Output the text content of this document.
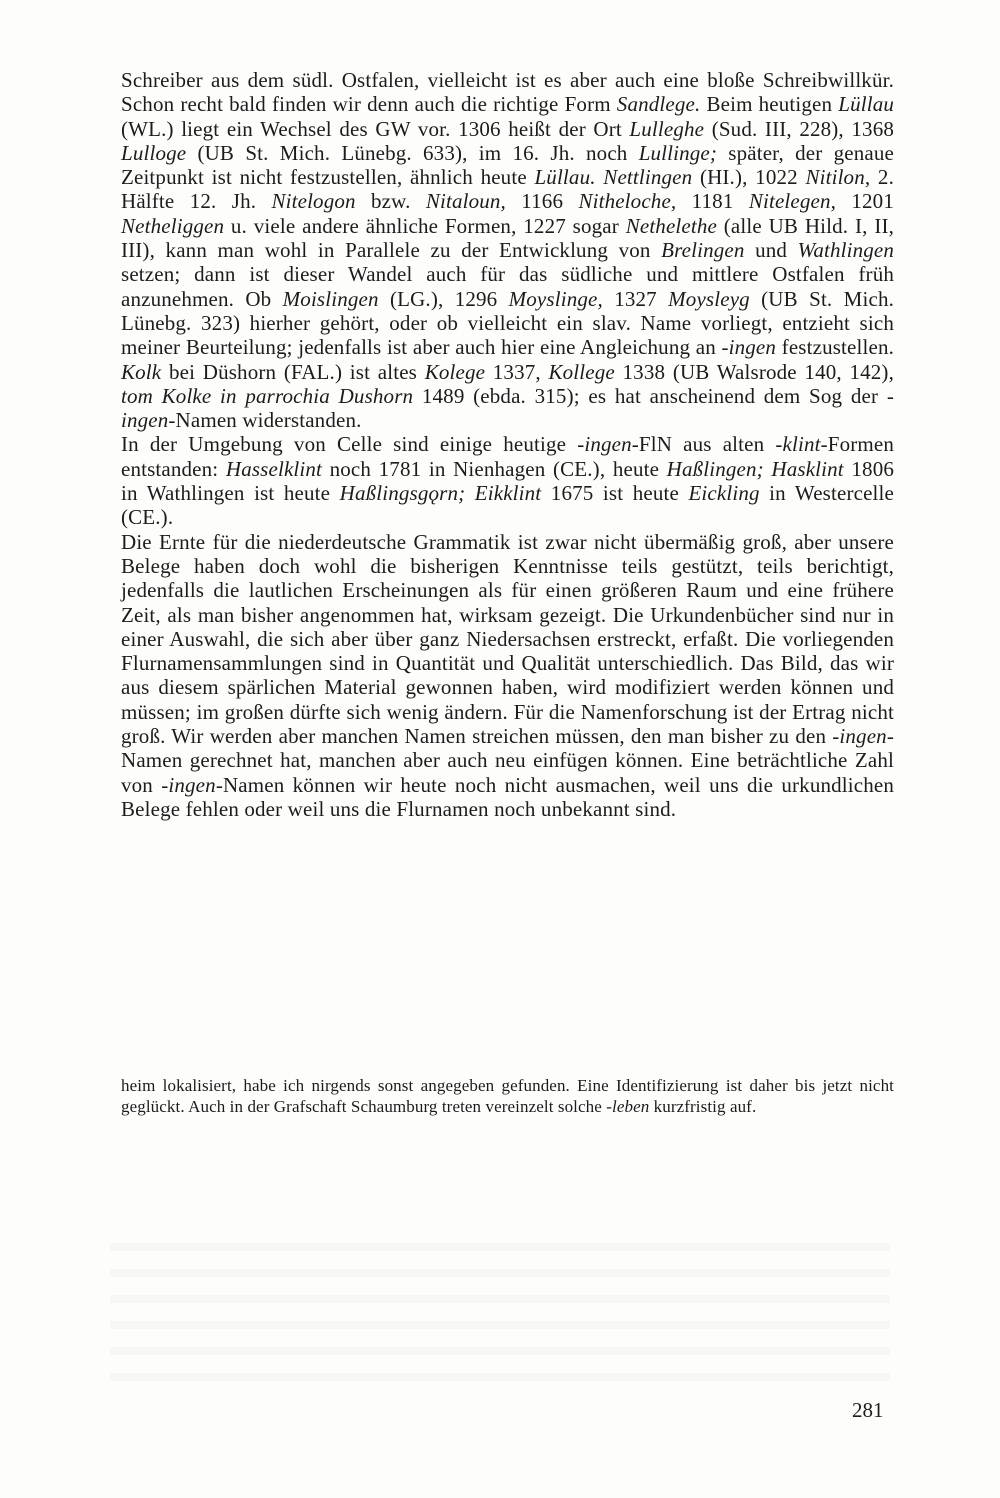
Schreiber aus dem südl. Ostfalen, vielleicht ist es aber auch eine bloße Schreibwillkür. Schon recht bald finden wir denn auch die richtige Form Sandlege. Beim heutigen Lüllau (WL.) liegt ein Wechsel des GW vor. 1306 heißt der Ort Lulleghe (Sud. III, 228), 1368 Lulloge (UB St. Mich. Lünebg. 633), im 16. Jh. noch Lullinge; später, der genaue Zeitpunkt ist nicht festzustellen, ähnlich heute Lüllau. Nettlingen (HI.), 1022 Nitilon, 2. Hälfte 12. Jh. Nitelogon bzw. Nitaloun, 1166 Nitheloche, 1181 Nitelegen, 1201 Netheliggen u. viele andere ähnliche Formen, 1227 sogar Nethelethe (alle UB Hild. I, II, III), kann man wohl in Parallele zu der Entwicklung von Brelingen und Wathlingen setzen; dann ist dieser Wandel auch für das südliche und mittlere Ostfalen früh anzunehmen. Ob Moislingen (LG.), 1296 Moyslinge, 1327 Moysleyg (UB St. Mich. Lünebg. 323) hierher gehört, oder ob vielleicht ein slav. Name vorliegt, entzieht sich meiner Beurteilung; jedenfalls ist aber auch hier eine Angleichung an -ingen festzustellen. Kolk bei Düshorn (FAL.) ist altes Kolege 1337, Kollege 1338 (UB Walsrode 140, 142), tom Kolke in parrochia Dushorn 1489 (ebda. 315); es hat anscheinend dem Sog der -ingen-Namen widerstanden.

In der Umgebung von Celle sind einige heutige -ingen-FlN aus alten -klint-Formen entstanden: Hasselklint noch 1781 in Nienhagen (CE.), heute Haßlingen; Hasklint 1806 in Wathlingen ist heute Haßlingsgǫrn; Eikklint 1675 ist heute Eickling in Westercelle (CE.).

Die Ernte für die niederdeutsche Grammatik ist zwar nicht übermäßig groß, aber unsere Belege haben doch wohl die bisherigen Kenntnisse teils gestützt, teils berichtigt, jedenfalls die lautlichen Erscheinungen als für einen größeren Raum und eine frühere Zeit, als man bisher angenommen hat, wirksam gezeigt. Die Urkundenbücher sind nur in einer Auswahl, die sich aber über ganz Niedersachsen erstreckt, erfaßt. Die vorliegenden Flurnamensammlungen sind in Quantität und Qualität unterschiedlich. Das Bild, das wir aus diesem spärlichen Material gewonnen haben, wird modifiziert werden können und müssen; im großen dürfte sich wenig ändern. Für die Namenforschung ist der Ertrag nicht groß. Wir werden aber manchen Namen streichen müssen, den man bisher zu den -ingen-Namen gerechnet hat, manchen aber auch neu einfügen können. Eine beträchtliche Zahl von -ingen-Namen können wir heute noch nicht ausmachen, weil uns die urkundlichen Belege fehlen oder weil uns die Flurnamen noch unbekannt sind.

heim lokalisiert, habe ich nirgends sonst angegeben gefunden. Eine Identifizierung ist daher bis jetzt nicht geglückt. Auch in der Grafschaft Schaumburg treten vereinzelt solche -leben kurzfristig auf.

281
